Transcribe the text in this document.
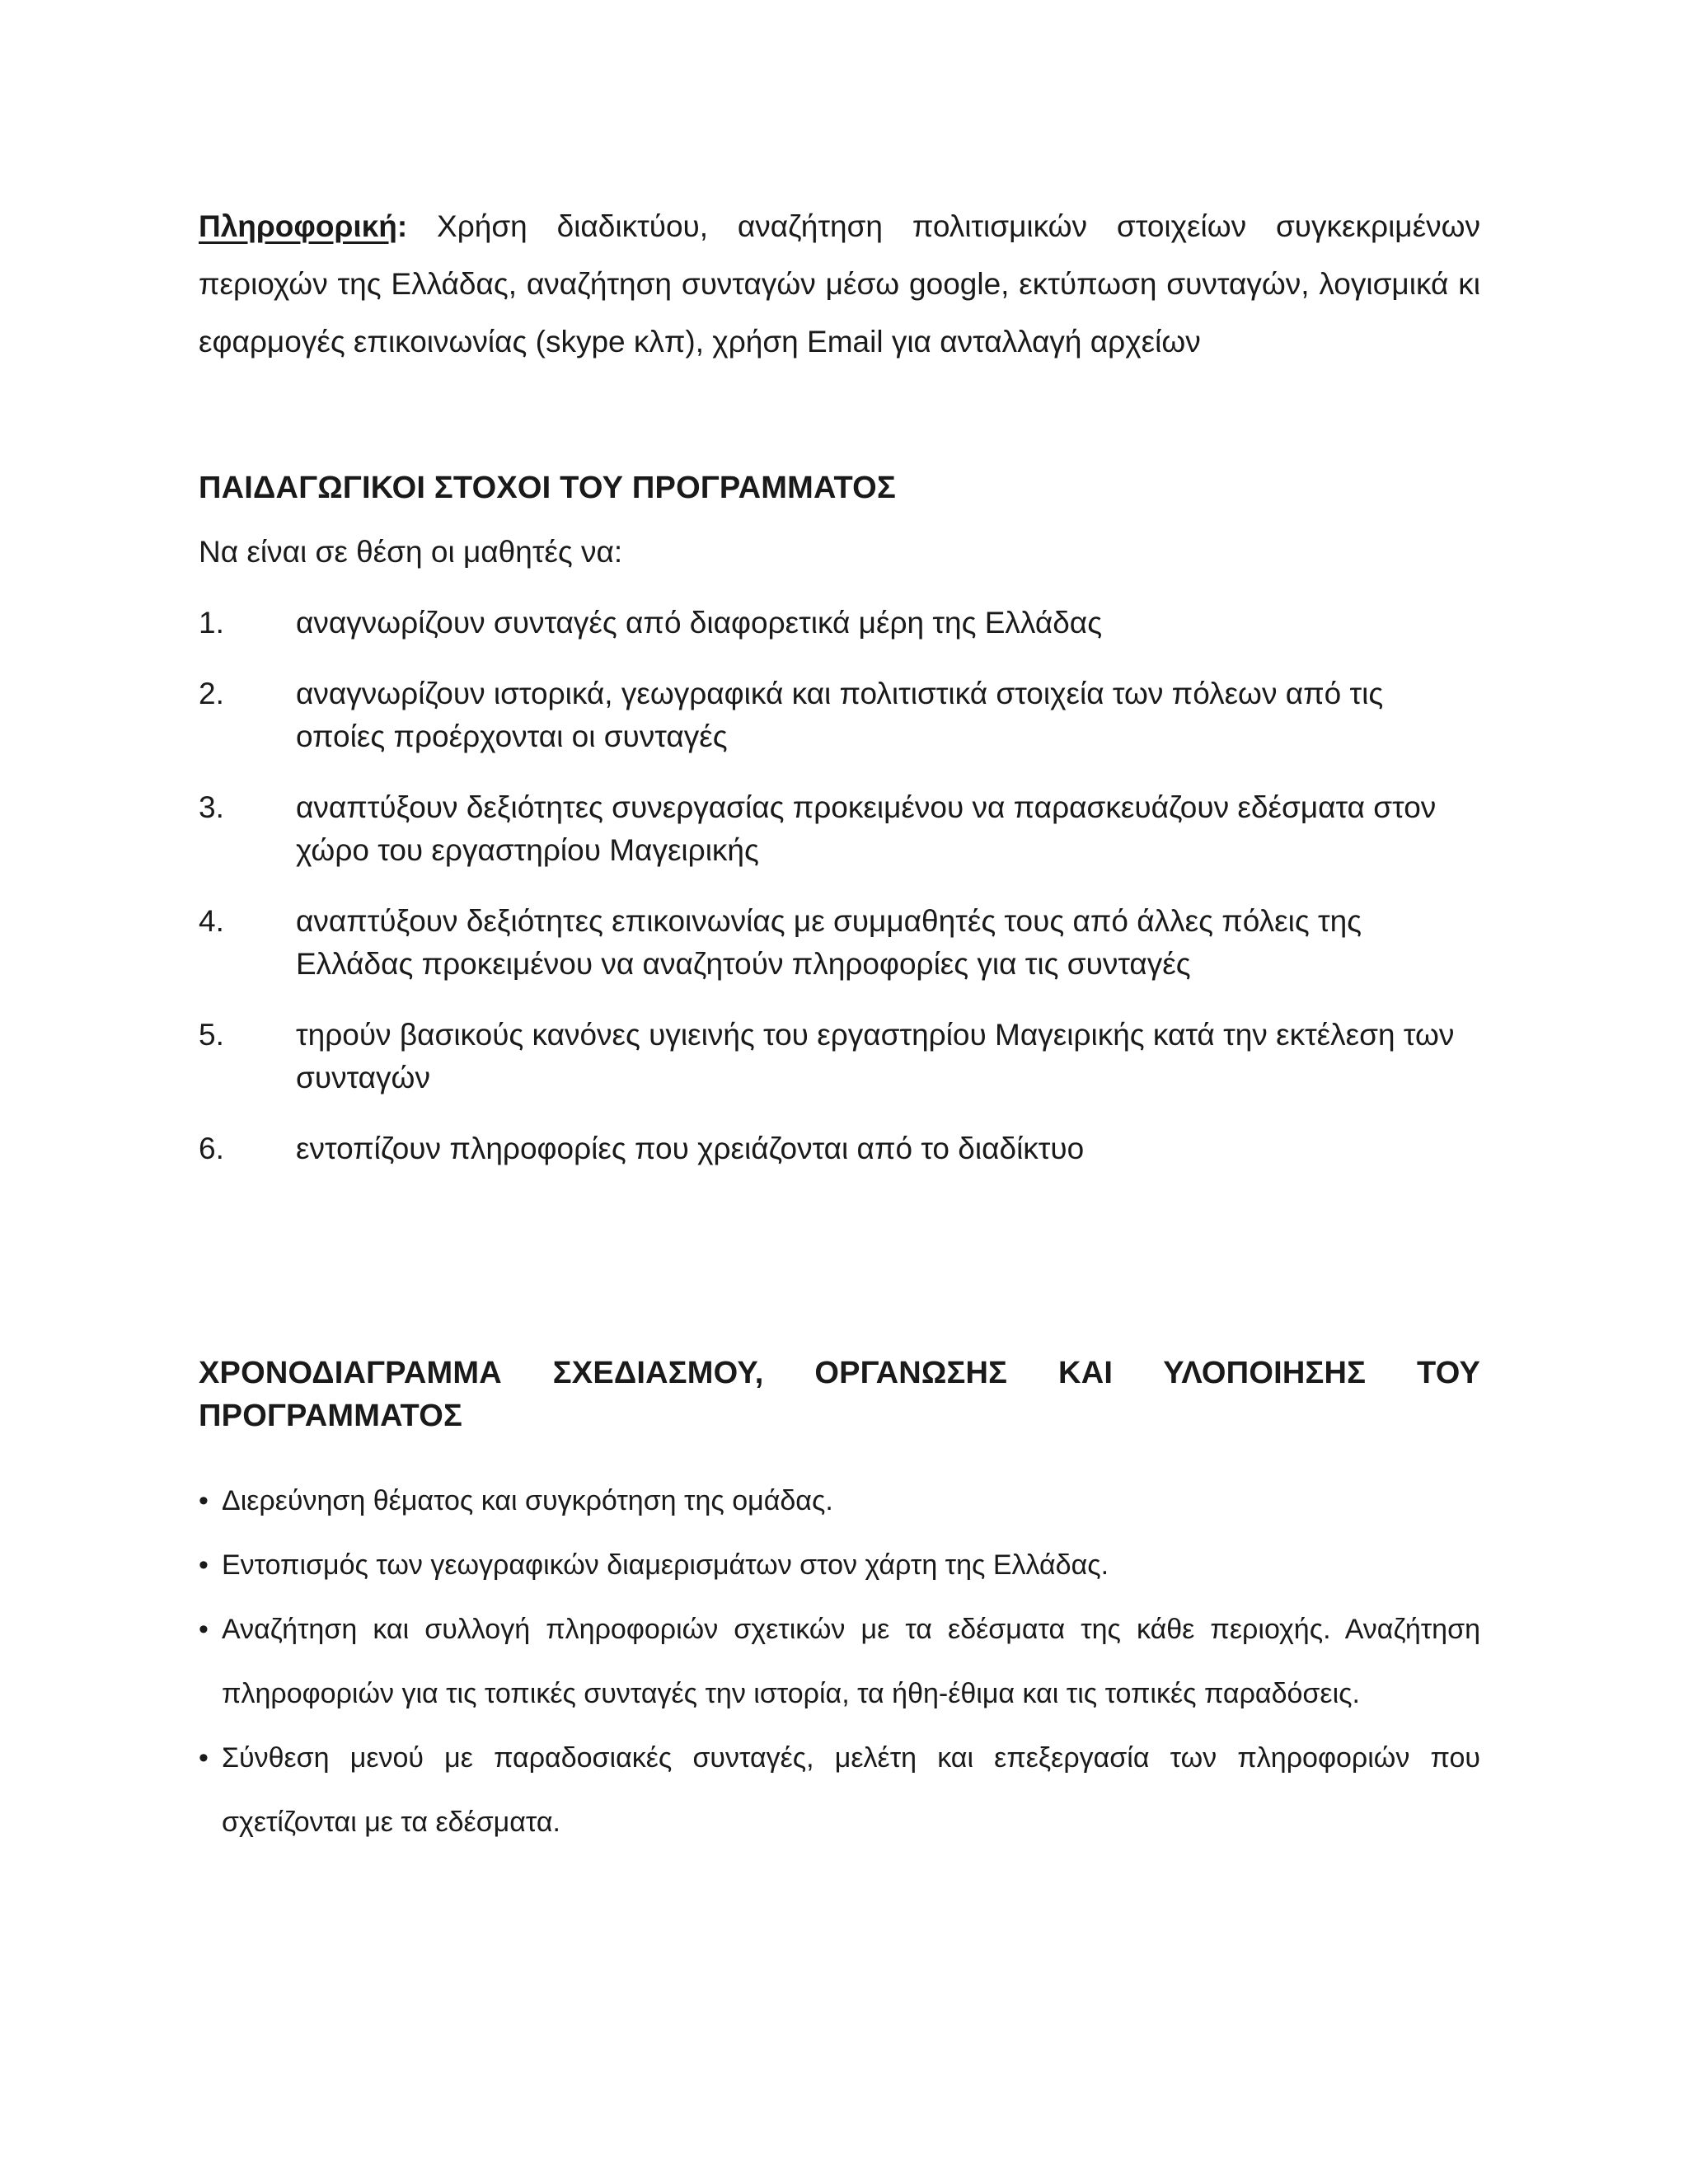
Πληροφορική: Χρήση διαδικτύου, αναζήτηση πολιτισμικών στοιχείων συγκεκριμένων περιοχών της Ελλάδας, αναζήτηση συνταγών μέσω google, εκτύπωση συνταγών, λογισμικά κι εφαρμογές επικοινωνίας (skype κλπ), χρήση Email για ανταλλαγή αρχείων

ΠΑΙΔΑΓΩΓΙΚΟΙ ΣΤΟΧΟΙ ΤΟΥ ΠΡΟΓΡΑΜΜΑΤΟΣ

Να είναι σε θέση οι μαθητές να:

1. αναγνωρίζουν συνταγές από διαφορετικά μέρη της Ελλάδας
2. αναγνωρίζουν ιστορικά, γεωγραφικά και πολιτιστικά στοιχεία των πόλεων από τις οποίες προέρχονται οι συνταγές
3. αναπτύξουν δεξιότητες συνεργασίας προκειμένου να παρασκευάζουν εδέσματα στον χώρο του εργαστηρίου Μαγειρικής
4. αναπτύξουν δεξιότητες επικοινωνίας με συμμαθητές τους από άλλες πόλεις της Ελλάδας προκειμένου να αναζητούν πληροφορίες για τις συνταγές
5. τηρούν βασικούς κανόνες υγιεινής του εργαστηρίου Μαγειρικής κατά την εκτέλεση των συνταγών
6. εντοπίζουν πληροφορίες που χρειάζονται από το διαδίκτυο
ΧΡΟΝΟΔΙΑΓΡΑΜΜΑ ΣΧΕΔΙΑΣΜΟΥ, ΟΡΓΑΝΩΣΗΣ ΚΑΙ ΥΛΟΠΟΙΗΣΗΣ ΤΟΥ ΠΡΟΓΡΑΜΜΑΤΟΣ
• Διερεύνηση θέματος και συγκρότηση της ομάδας.
• Εντοπισμός των γεωγραφικών διαμερισμάτων στον χάρτη της Ελλάδας.
• Αναζήτηση και συλλογή πληροφοριών σχετικών με τα εδέσματα της κάθε περιοχής. Αναζήτηση πληροφοριών για τις τοπικές συνταγές την ιστορία, τα ήθη-έθιμα και τις τοπικές παραδόσεις.
• Σύνθεση μενού με παραδοσιακές συνταγές, μελέτη και επεξεργασία των πληροφοριών που σχετίζονται με τα εδέσματα.
